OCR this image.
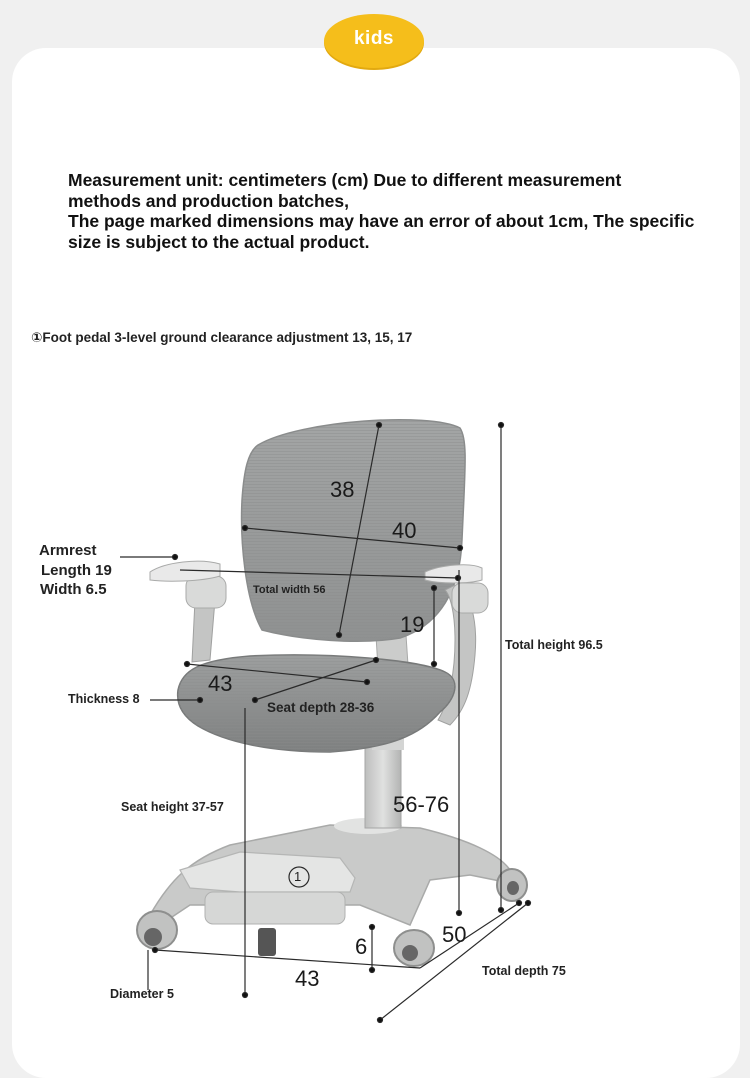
kids
Measurement unit: centimeters (cm) Due to different measurement
methods and production batches,
The page marked dimensions may have an error of about 1cm, The specific
size is subject to the actual product.
①Foot pedal 3-level ground clearance adjustment 13, 15, 17
38
40
Armrest
Length 19
Width 6.5	Total width 56
19
Total height 96.5
43
Thickness 8
Seat depth 28-36
Seat height 37-57	56-76
1
6	50
43	Total depth 75
Diameter 5
